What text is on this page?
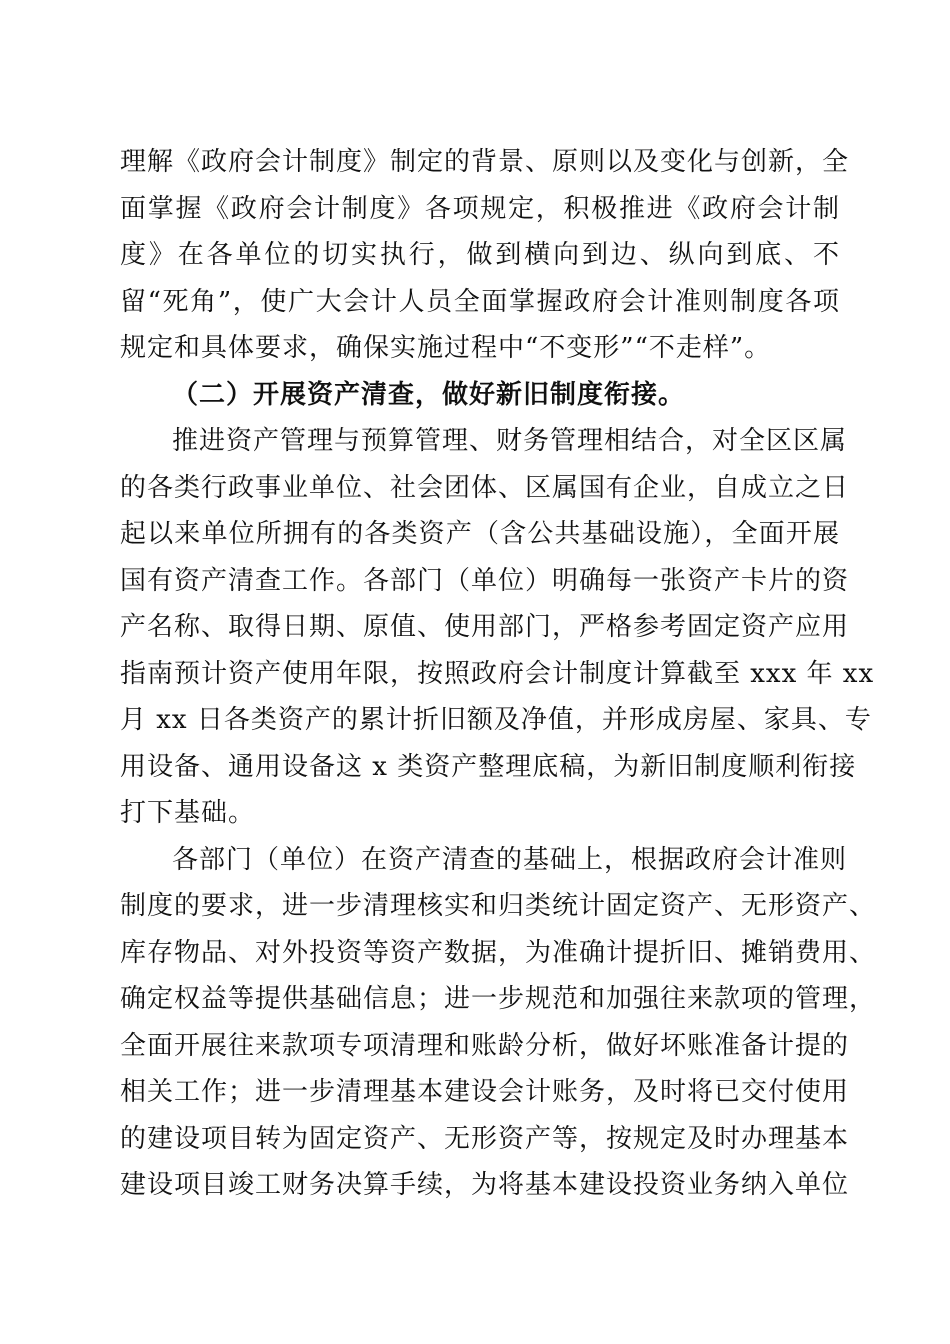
理解《政府会计制度》制定的背景、原则以及变化与创新，全
面掌握《政府会计制度》各项规定，积极推进《政府会计制
度》在各单位的切实执行，做到横向到边、纵向到底、不
留“死角”，使广大会计人员全面掌握政府会计准则制度各项
规定和具体要求，确保实施过程中“不变形”“不走样”。
（二）开展资产清查，做好新旧制度衔接。
推进资产管理与预算管理、财务管理相结合，对全区区属
的各类行政事业单位、社会团体、区属国有企业，自成立之日
起以来单位所拥有的各类资产（含公共基础设施），全面开展
国有资产清查工作。各部门（单位）明确每一张资产卡片的资
产名称、取得日期、原值、使用部门，严格参考固定资产应用
指南预计资产使用年限，按照政府会计制度计算截至 xxx 年 xx
月 xx 日各类资产的累计折旧额及净值，并形成房屋、家具、专
用设备、通用设备这 x 类资产整理底稿，为新旧制度顺利衔接
打下基础。
各部门（单位）在资产清查的基础上，根据政府会计准则
制度的要求，进一步清理核实和归类统计固定资产、无形资产、
库存物品、对外投资等资产数据，为准确计提折旧、摊销费用、
确定权益等提供基础信息；进一步规范和加强往来款项的管理，
全面开展往来款项专项清理和账龄分析，做好坏账准备计提的
相关工作；进一步清理基本建设会计账务，及时将已交付使用
的建设项目转为固定资产、无形资产等，按规定及时办理基本
建设项目竣工财务决算手续，为将基本建设投资业务纳入单位
